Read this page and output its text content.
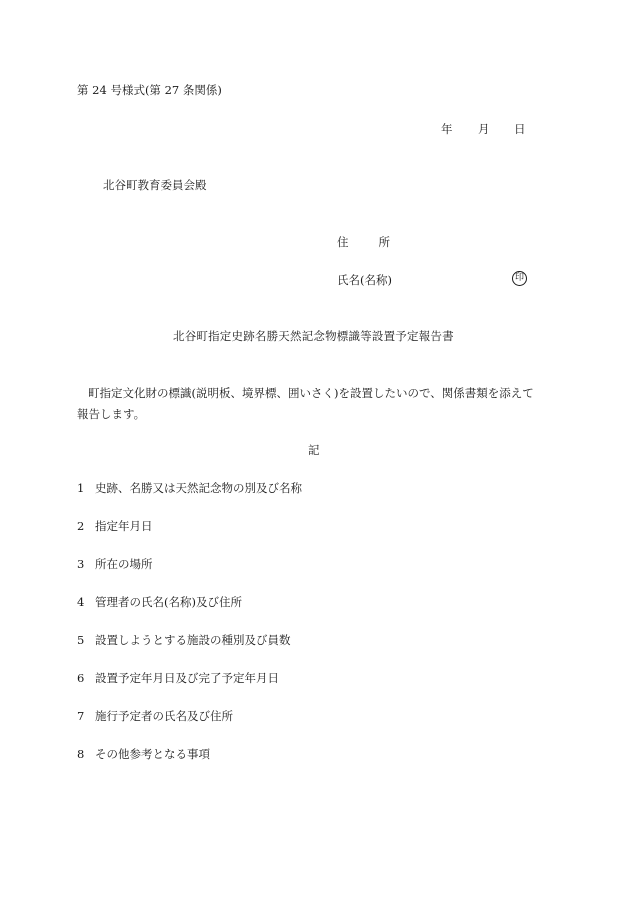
第 24 号様式(第 27 条関係)
年 月 日
北谷町教育委員会殿
住	所
氏名(名称)	印
北谷町指定史跡名勝天然記念物標識等設置予定報告書
町指定文化財の標識(説明板、境界標、囲いさく)を設置したいので、関係書類を添えて報告します。
記
1 史跡、名勝又は天然記念物の別及び名称
2 指定年月日
3 所在の場所
4 管理者の氏名(名称)及び住所
5 設置しようとする施設の種別及び員数
6 設置予定年月日及び完了予定年月日
7 施行予定者の氏名及び住所
8 その他参考となる事項
